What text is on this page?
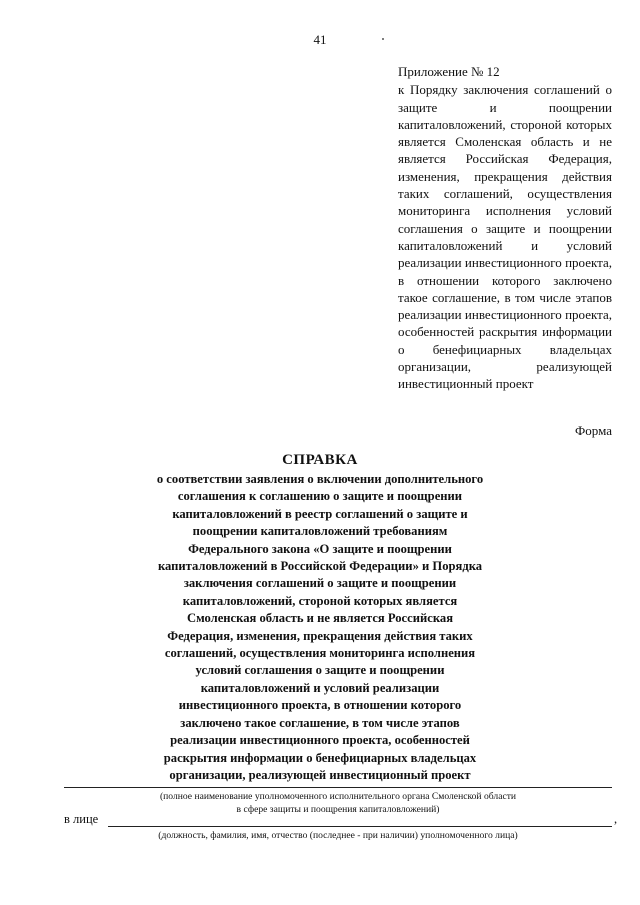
41
Приложение № 12
к Порядку заключения соглашений о защите и поощрении капиталовложений, стороной которых является Смоленская область и не является Российская Федерация, изменения, прекращения действия таких соглашений, осуществления мониторинга исполнения условий соглашения о защите и поощрении капиталовложений и условий реализации инвестиционного проекта, в отношении которого заключено такое соглашение, в том числе этапов реализации инвестиционного проекта, особенностей раскрытия информации о бенефициарных владельцах организации, реализующей инвестиционный проект
Форма
СПРАВКА
о соответствии заявления о включении дополнительного
соглашения к соглашению о защите и поощрении
капиталовложений в реестр соглашений о защите и
поощрении капиталовложений требованиям
Федерального закона «О защите и поощрении
капиталовложений в Российской Федерации» и Порядка
заключения соглашений о защите и поощрении
капиталовложений, стороной которых является
Смоленская область и не является Российская
Федерация, изменения, прекращения действия таких
соглашений, осуществления мониторинга исполнения
условий соглашения о защите и поощрении
капиталовложений и условий реализации
инвестиционного проекта, в отношении которого
заключено такое соглашение, в том числе этапов
реализации инвестиционного проекта, особенностей
раскрытия информации о бенефициарных владельцах
организации, реализующей инвестиционный проект
(полное наименование уполномоченного исполнительного органа Смоленской области
в сфере защиты и поощрения капиталовложений)
в лице	,
(должность, фамилия, имя, отчество (последнее - при наличии) уполномоченного лица)
